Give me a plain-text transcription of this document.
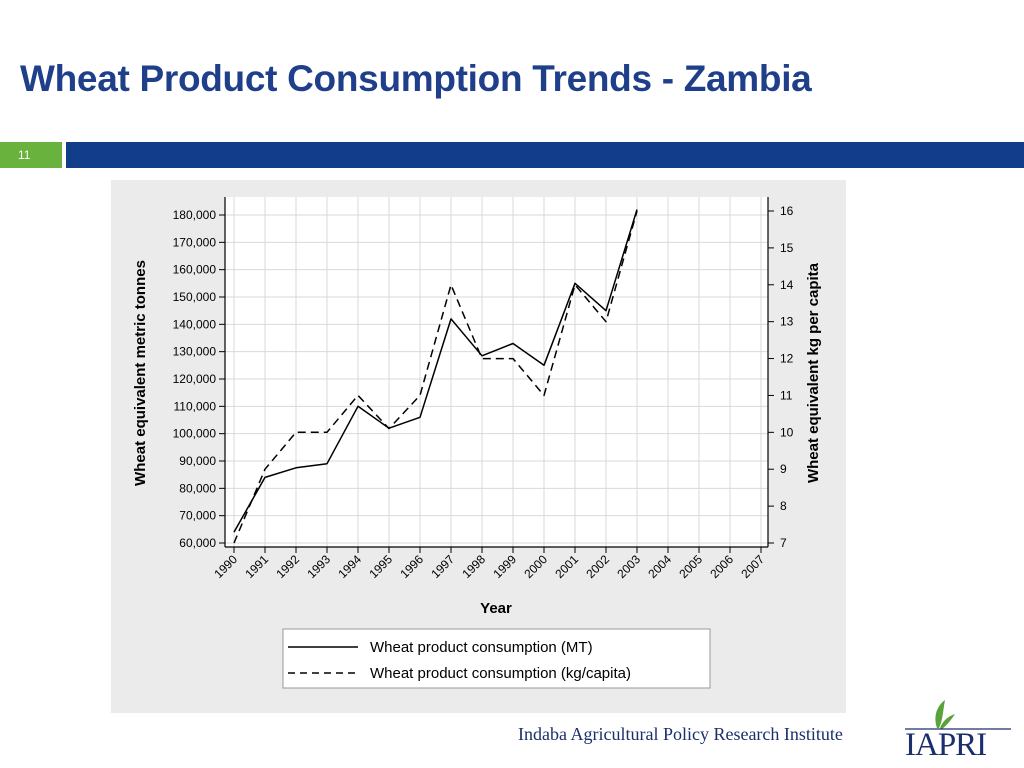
Wheat Product Consumption Trends - Zambia
11
60,000
70,000
80,000
90,000
100,000
110,000
120,000
130,000
140,000
150,000
160,000
170,000
180,000
7
8
9
10
11
12
13
14
15
16
1990 1991 1992 1993 1994 1995 1996 1997 1998 1999 2000 2001 2002 2003 2004 2005 2006 2007
Wheat equivalent metric tonnes	Wheat equivalent kg per capita
Year
Wheat product consumption (MT)
Wheat product consumption (kg/capita)
Indaba Agricultural Policy Research Institute IAPRI
